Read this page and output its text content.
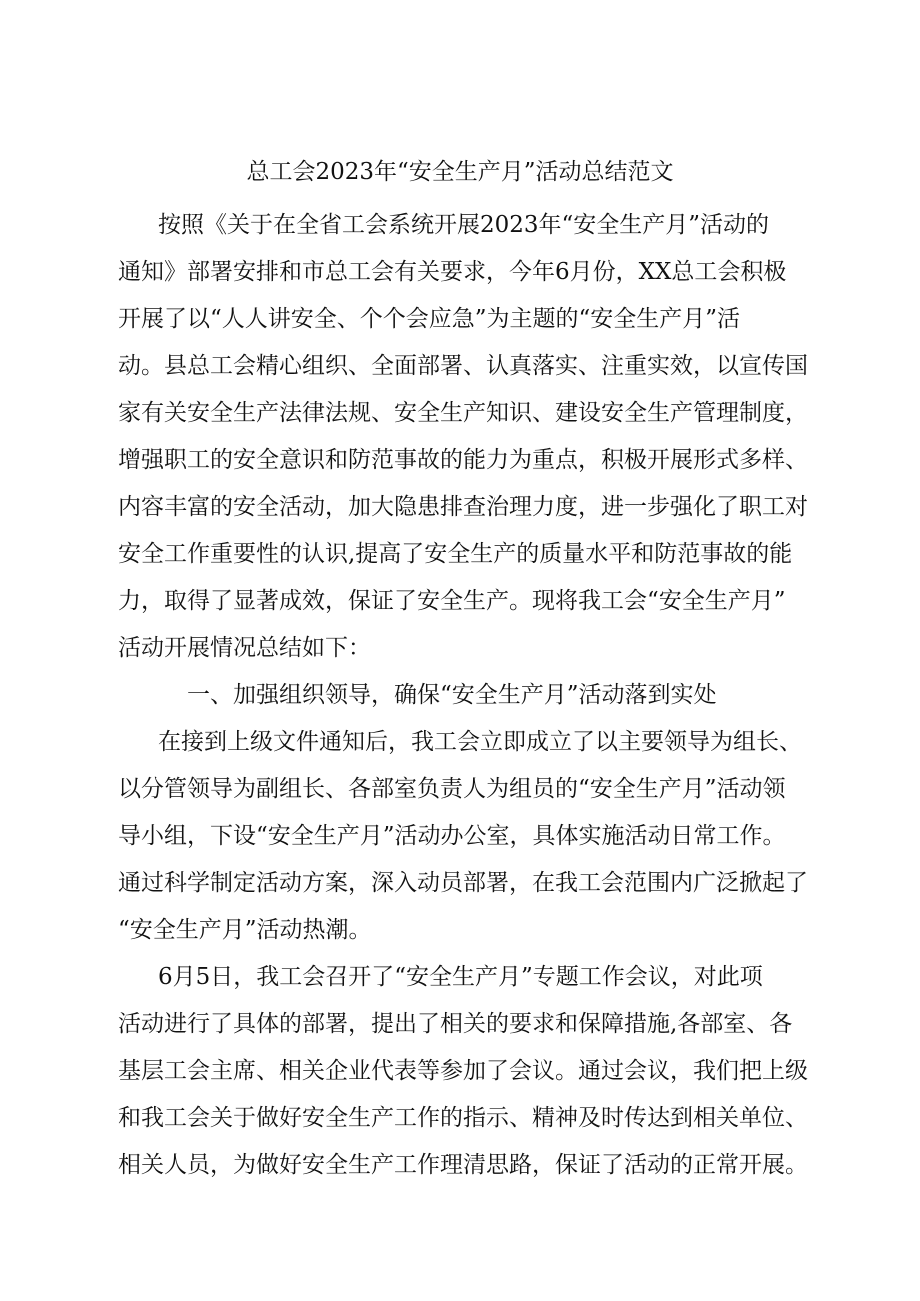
总工会2023年“安全生产月”活动总结范文
按照《关于在全省工会系统开展2023年“安全生产月”活动的
通知》部署安排和市总工会有关要求，今年6月份，XX总工会积极
开展了以“人人讲安全、个个会应急”为主题的“安全生产月”活
动。县总工会精心组织、全面部署、认真落实、注重实效，以宣传国
家有关安全生产法律法规、安全生产知识、建设安全生产管理制度，
增强职工的安全意识和防范事故的能力为重点，积极开展形式多样、
内容丰富的安全活动，加大隐患排查治理力度，进一步强化了职工对
安全工作重要性的认识,提高了安全生产的质量水平和防范事故的能
力，取得了显著成效，保证了安全生产。现将我工会“安全生产月”
活动开展情况总结如下：
一、加强组织领导，确保“安全生产月”活动落到实处
在接到上级文件通知后，我工会立即成立了以主要领导为组长、
以分管领导为副组长、各部室负责人为组员的“安全生产月”活动领
导小组，下设“安全生产月”活动办公室，具体实施活动日常工作。
通过科学制定活动方案，深入动员部署，在我工会范围内广泛掀起了
“安全生产月”活动热潮。
6月5日，我工会召开了“安全生产月”专题工作会议，对此项
活动进行了具体的部署，提出了相关的要求和保障措施,各部室、各
基层工会主席、相关企业代表等参加了会议。通过会议，我们把上级
和我工会关于做好安全生产工作的指示、精神及时传达到相关单位、
相关人员，为做好安全生产工作理清思路，保证了活动的正常开展。
